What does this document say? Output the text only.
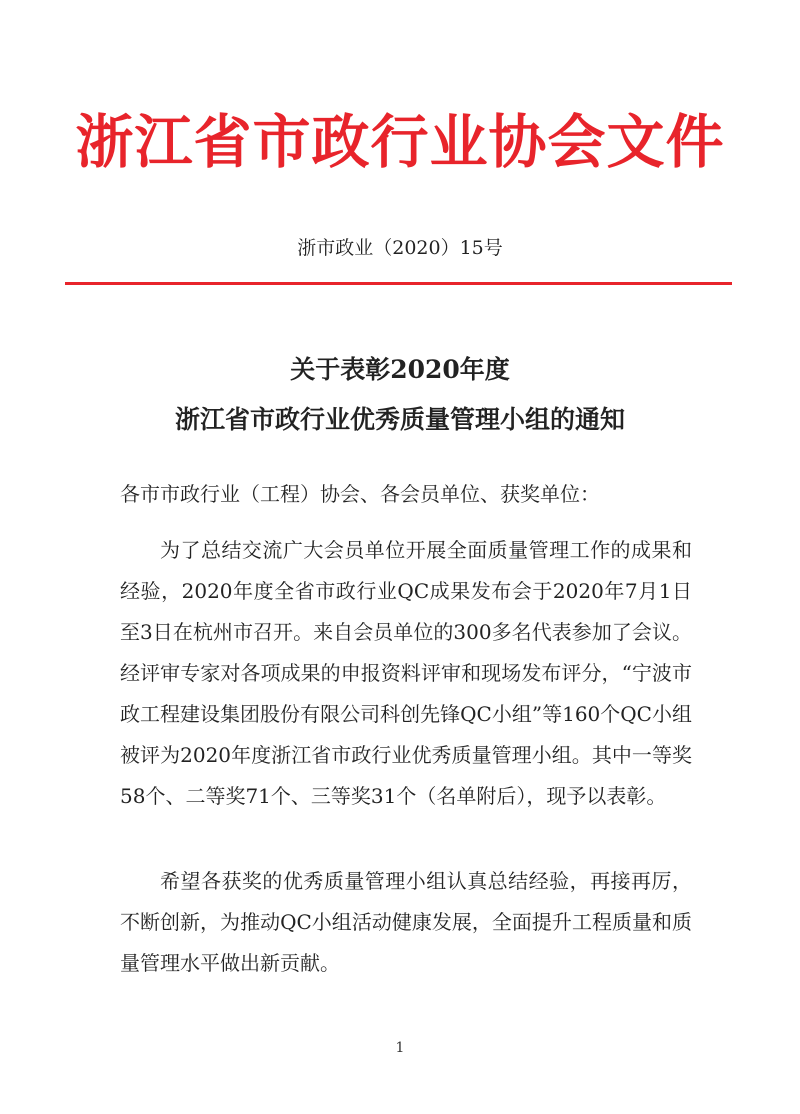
浙江省市政行业协会文件
浙市政业（2020）15号
关于表彰2020年度
浙江省市政行业优秀质量管理小组的通知
各市市政行业（工程）协会、各会员单位、获奖单位：
为了总结交流广大会员单位开展全面质量管理工作的成果和经验，2020年度全省市政行业QC成果发布会于2020年7月1日至3日在杭州市召开。来自会员单位的300多名代表参加了会议。经评审专家对各项成果的申报资料评审和现场发布评分，“宁波市政工程建设集团股份有限公司科创先锋QC小组”等160个QC小组被评为2020年度浙江省市政行业优秀质量管理小组。其中一等奖58个、二等奖71个、三等奖31个（名单附后），现予以表彰。
希望各获奖的优秀质量管理小组认真总结经验，再接再厉，不断创新，为推动QC小组活动健康发展，全面提升工程质量和质量管理水平做出新贡献。
1
